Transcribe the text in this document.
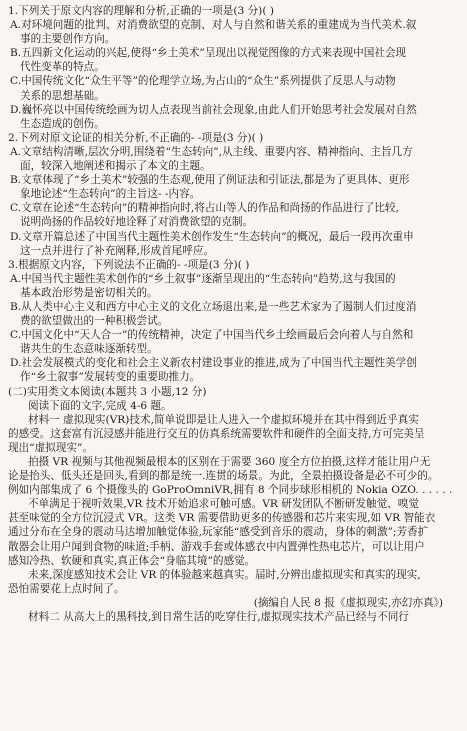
1.下列关于原文内容的理解和分析,正确的一项是(3 分)( )
A.对环境问题的批判、对消费欲望的克制、对人与自然和谐关系的重建成为当代美术.叙
事的主要创作方向。
B.五四新文化运动的兴起,使得“乡土美术”呈现出以视觉图像的方式来表现中国社会现
代性变革的特点。
C.中国传统文化“众生平等”的伦理学立场,为占山的“众生”系列提供了反思人与动物
关系的思想基础。
D.巍怀亮以中国传统绘画为切人点表现当前社会现象,由此人们开始思考社会发展对自然
生态造成的创伤。
2.下列对原文论证的相关分析,不正确的- -项是(3 分)( )
A.文章结构清晰,层次分明,围绕着“生态转向”,从主线、重要内容、精神指向、主旨几方
面，较深入地阐述和揭示了本文的主题。
B.文章体现了“乡土美术”较强的生态观,使用了例证法和引证法,都是为了更具体、更形
象地论述“生态转向”的主旨这- -内容。
C.文章在论述“生态转向”的精神指向时,将占山等人的作品和尚扬的作品进行了比较,
说明尚扬的作品较好地诠释了对消费欲望的克制。
D.文章开篇总述了中国当代主题性美术创作发生“生态转向”的概况，最后一段再次重申
这一点并进行了补充阐释,形成首尾呼应。
3.根据原文内容，下列说法不正确的- -项是(3 分)( )
A.中国当代主题性美术创作的“乡土叙事”逐渐呈现出的“生态转向”趋势,这与我国的
基本政治形势是密切相关的。
B.从人类中心主义和西方中心主义的文化立场退出来,是一些艺术家为了遏制人们过度消
费的欲望做出的一种积极尝试。
C.中国文化中“天人合一”的传统精神，决定了中国当代乡土绘画最后会向着人与自然和
谐共生的生态意味逐渐转型。
D.社会发展模式的变化和社会主义新农村建设事业的推进,成为了中国当代主题性美学创
作“乡土叙事”发展转变的重要助推力。
(二)实用类文本阅读(本题共 3 小题,12 分)
阅读下面的文字,完成 4-6 题。
材料一 虚拟现实(VR)技术,简单说即是让人进入一个虚拟环境并在其中得到近乎真实
的感受。这套富有沉浸感并能进行交互的仿真系统需要软件和硬件的全面支持,方可完美呈
现出“虚拟现实”。
拍摄 VR 视频与其他视频最根本的区别在于需要 360 度全方位拍摄,这样才能让用户无
论是抬头、低头还是回头,看到的都是统一.连贯的场景。为此，全景拍摄设备是必不可少的。
例如内部集成了 6 个摄像头的 GoProOmniVR,拥有 8 个同步球形相机的 Nokia OZO. . . . . .
不单满足于视听效果,VR 技术开始追求可触可感。VR 研发团队不断研发触觉、嗅觉
甚至味觉的全方位沉浸式 VR。这类 VR 需要借助更多的传感器和芯片来实现,如 VR 智能衣
通过分布在全身的震动马达增加触觉体验,玩家能“感受到音乐的震动，身体的刺激”;芳香扩
散器会让用户闻到食物的味道;手柄、游戏手套或体感衣中内置弹性热电芯片，可以让用户
感知冷热、软硬和真实,真正体会“身临其境”的感觉。
未来,深度感知技术会让 VR 的体验越来越真实。届时,分辨出虚拟现实和真实的现实,
恐怕需要花上点时间了。
(摘编自人民 8 报《虚拟现实,亦幻亦真》)
材料二 从高大上的黑科技,到日常生活的吃穿住行,虚拟现实技术产品已经与不同行
